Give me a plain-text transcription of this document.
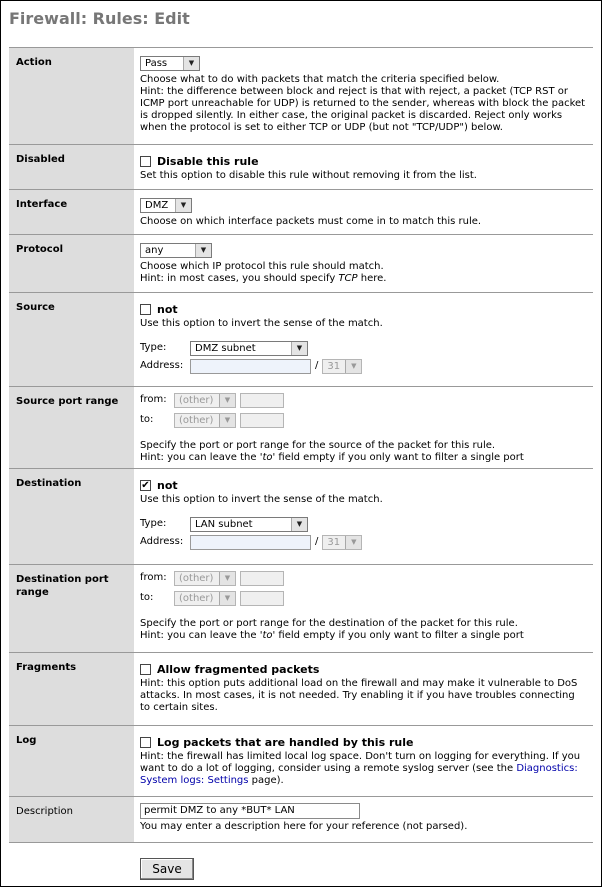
Firewall: Rules: Edit
Action	Pass	▼

Choose what to do with packets that match the criteria specified below.

Hint: the difference between block and reject is that with reject, a packet (TCP RST or ICMP port unreachable for UDP) is returned to the sender, whereas with block the packet is dropped silently. In either case, the original packet is discarded. Reject only works when the protocol is set to either TCP or UDP (but not "TCP/UDP") below.

Disabled	Disable this rule

Set this option to disable this rule without removing it from the list.

Interface	DMZ	▼

Choose on which interface packets must come in to match this rule.

Protocol	any	▼

Choose which IP protocol this rule should match.

Hint: in most cases, you should specify TCP here.

Source	not

Use this option to invert the sense of the match.

Type:	DMZ subnet	▼
Address:	/ 31	▼
Source port range	from:	(other)	▼
to:	(other)	▼

Specify the port or port range for the source of the packet for this rule.

Hint: you can leave the 'to' field empty if you only want to filter a single port

Destination	✔ not

Use this option to invert the sense of the match.

Type:	LAN subnet	▼
Address:	/ 31	▼
Destination port range
from:	(other)	▼
to:	(other)	▼

Specify the port or port range for the destination of the packet for this rule.

Hint: you can leave the 'to' field empty if you only want to filter a single port

Fragments	Allow fragmented packets

Hint: this option puts additional load on the firewall and may make it vulnerable to DoS attacks. In most cases, it is not needed. Try enabling it if you have troubles connecting to certain sites.

Log	Log packets that are handled by this rule

Hint: the firewall has limited local log space. Don't turn on logging for everything. If you want to do a lot of logging, consider using a remote syslog server (see the Diagnostics: System logs: Settings page).

Description	permit DMZ to any *BUT* LAN

You may enter a description here for your reference (not parsed).

Save
